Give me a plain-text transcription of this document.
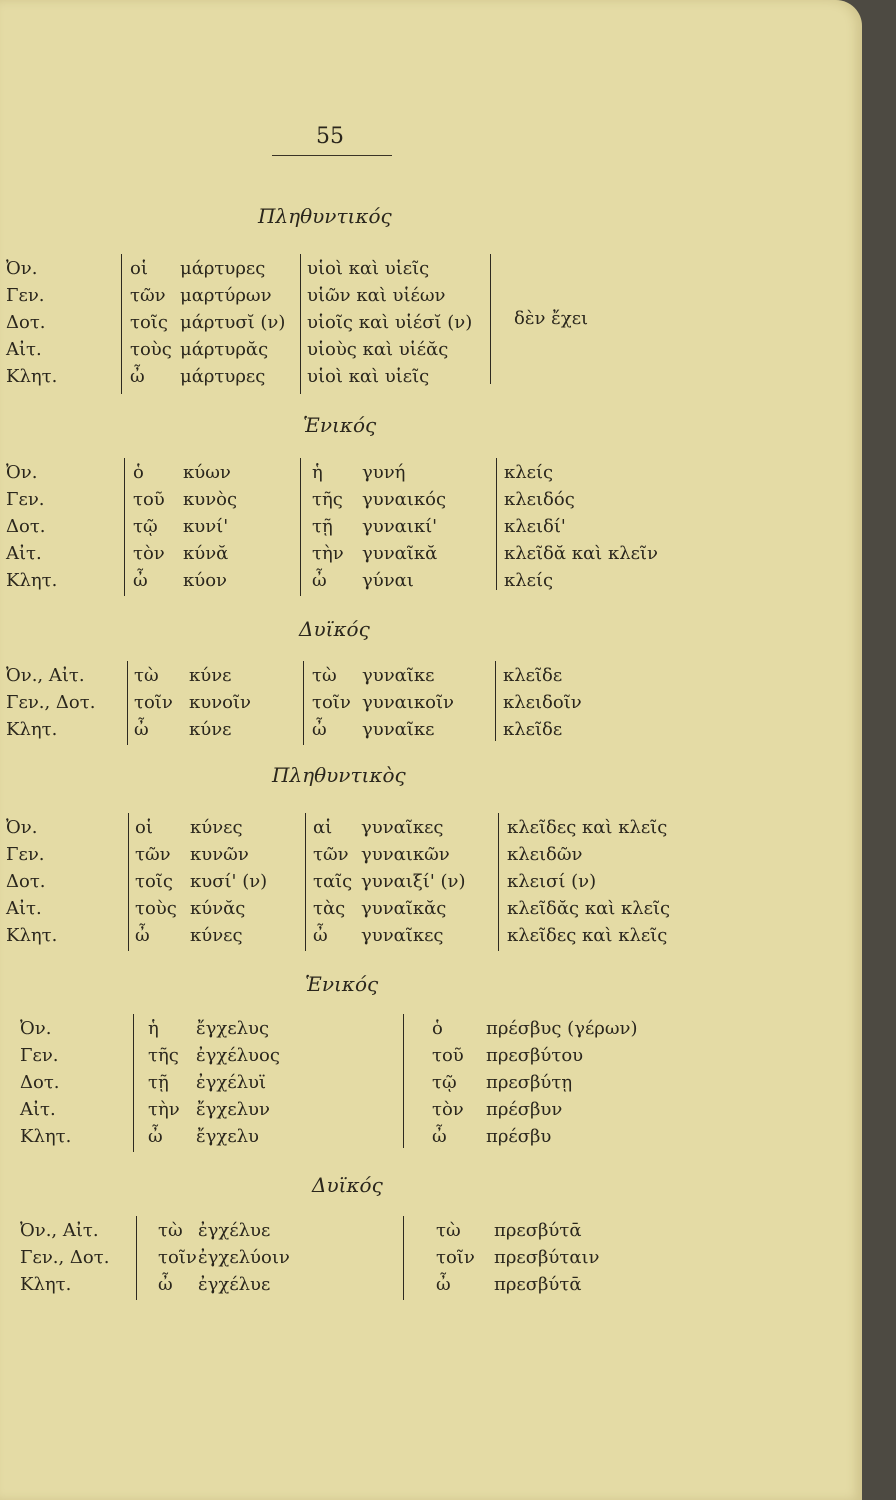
55
Πληθυντικός
Ὀν.
Γεν.
Δοτ.
Αἰτ.
Κλητ.
οἱ μάρτυρες
τῶν μαρτύρων
τοῖς μάρτυσῐ (ν)
τοὺς μάρτυρᾰς
ὦ μάρτυρες
υἱοὶ καὶ υἱεῖς
υἱῶν καὶ υἱέων
υἱοῖς καὶ υἱέσῐ (ν)
υἱοὺς καὶ υἱέᾰς
υἱοὶ καὶ υἱεῖς
δὲν ἔχει
Ἑνικός
Ὀν.
Γεν.
Δοτ.
Αἰτ.
Κλητ.
ὁ κύων
τοῦ κυνὸς
τῷ κυνί'
τὸν κύνᾰ
ὦ κύον
ἡ γυνή
τῆς γυναικός
τῇ γυναικί'
τὴν γυναῖκᾰ
ὦ γύναι
κλείς
κλειδός
κλειδί'
κλεῖδᾰ καὶ κλεῖν
κλείς
Δυϊκός
Ὀν., Αἰτ.
Γεν., Δοτ.
Κλητ.
τὼ κύνε
τοῖν κυνοῖν
ὦ κύνε
τὼ γυναῖκε
τοῖν γυναικοῖν
ὦ γυναῖκε
κλεῖδε
κλειδοῖν
κλεῖδε
Πληθυντικὸς
Ὀν.
Γεν.
Δοτ.
Αἰτ.
Κλητ.
οἱ κύνες
τῶν κυνῶν
τοῖς κυσί' (ν)
τοὺς κύνᾰς
ὦ κύνες
αἱ γυναῖκες
τῶν γυναικῶν
ταῖς γυναιξί' (ν)
τὰς γυναῖκᾰς
ὦ γυναῖκες
κλεῖδες καὶ κλεῖς
κλειδῶν
κλεισί (ν)
κλεῖδᾰς καὶ κλεῖς
κλεῖδες καὶ κλεῖς
Ἑνικός
Ὀν.
Γεν.
Δοτ.
Αἰτ.
Κλητ.
ἡ ἔγχελυς
τῆς ἐγχέλυος
τῇ ἐγχέλυϊ
τὴν ἔγχελυν
ὦ ἔγχελυ
ὁ πρέσβυς (γέρων)
τοῦ πρεσβύτου
τῷ πρεσβύτῃ
τὸν πρέσβυν
ὦ πρέσβυ
Δυϊκός
Ὀν., Αἰτ.
Γεν., Δοτ.
Κλητ.
τὼ ἐγχέλυε
τοῖνἐγχελύοιν
ὦ ἐγχέλυε
τὼ πρεσβύτᾱ
τοῖν πρεσβύταιν
ὦ πρεσβύτᾱ
